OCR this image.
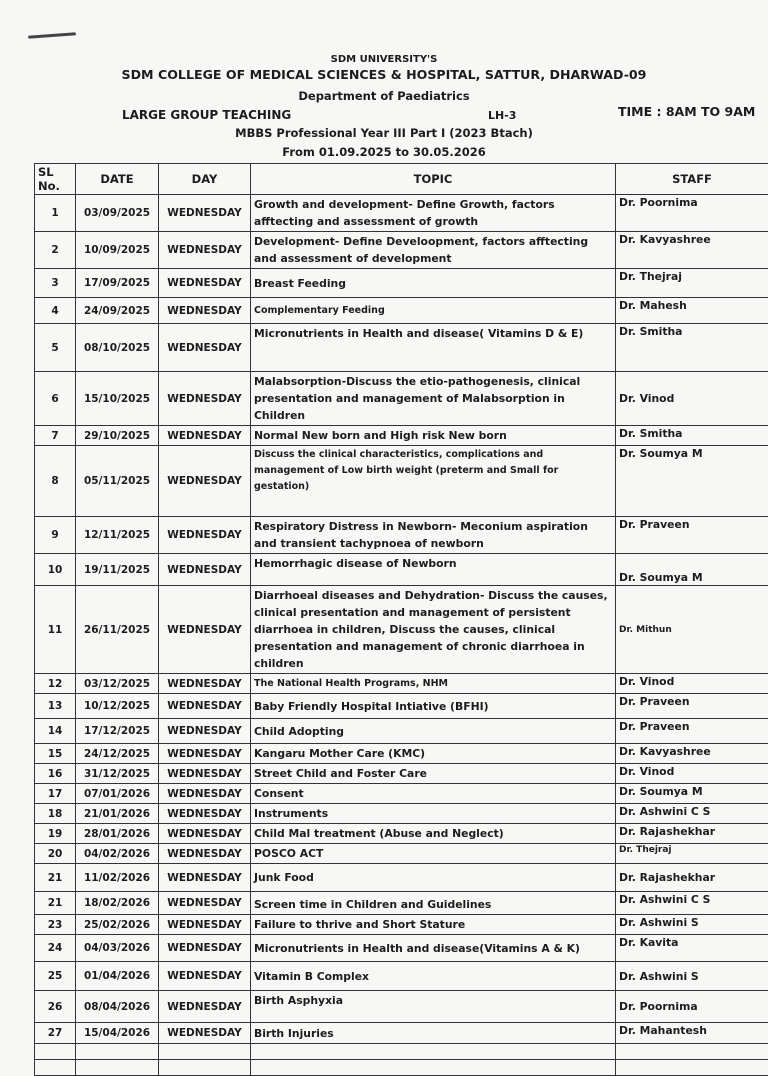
SDM UNIVERSITY'S
SDM COLLEGE OF MEDICAL SCIENCES & HOSPITAL, SATTUR, DHARWAD-09
Department of Paediatrics
LARGE GROUP TEACHING	LH-3	TIME : 8AM TO 9AM
MBBS Professional Year III Part I (2023 Btach)
From 01.09.2025 to 30.05.2026
SL No.	DATE	DAY	TOPIC	STAFF
1	03/09/2025	WEDNESDAY	Growth and development- Define Growth, factors afftecting and assessment of growth	Dr. Poornima
2	10/09/2025	WEDNESDAY	Development- Define Develoopment, factors afftecting and assessment of development	Dr. Kavyashree
3	17/09/2025	WEDNESDAY	Breast Feeding	Dr. Thejraj
4	24/09/2025	WEDNESDAY	Complementary Feeding	Dr. Mahesh
5	08/10/2025	WEDNESDAY	Micronutrients in Health and disease( Vitamins D & E)	Dr. Smitha
6	15/10/2025	WEDNESDAY	Malabsorption-Discuss the etio-pathogenesis, clinical presentation and management of Malabsorption in Children	Dr. Vinod
7	29/10/2025	WEDNESDAY	Normal New born and High risk New born	Dr. Smitha
8	05/11/2025	WEDNESDAY	Discuss the clinical characteristics, complications and management of Low birth weight (preterm and Small for gestation)	Dr. Soumya M
9	12/11/2025	WEDNESDAY	Respiratory Distress in Newborn- Meconium aspiration and transient tachypnoea of newborn	Dr. Praveen
10	19/11/2025	WEDNESDAY	Hemorrhagic disease of Newborn	Dr. Soumya M
11	26/11/2025	WEDNESDAY	Diarrhoeal diseases and Dehydration- Discuss the causes, clinical presentation and management of persistent diarrhoea in children, Discuss the causes, clinical presentation and management of chronic diarrhoea in children	Dr. Mithun
12	03/12/2025	WEDNESDAY	The National Health Programs, NHM	Dr. Vinod
13	10/12/2025	WEDNESDAY	Baby Friendly Hospital Intiative (BFHI)	Dr. Praveen
14	17/12/2025	WEDNESDAY	Child Adopting	Dr. Praveen
15	24/12/2025	WEDNESDAY	Kangaru Mother Care (KMC)	Dr. Kavyashree
16	31/12/2025	WEDNESDAY	Street Child and Foster Care	Dr. Vinod
17	07/01/2026	WEDNESDAY	Consent	Dr. Soumya M
18	21/01/2026	WEDNESDAY	Instruments	Dr. Ashwini C S
19	28/01/2026	WEDNESDAY	Child Mal treatment (Abuse and Neglect)	Dr. Rajashekhar
20	04/02/2026	WEDNESDAY	POSCO ACT	Dr. Thejraj
21	11/02/2026	WEDNESDAY	Junk Food	Dr. Rajashekhar
21	18/02/2026	WEDNESDAY	Screen time in Children and Guidelines	Dr. Ashwini C S
23	25/02/2026	WEDNESDAY	Failure to thrive and Short Stature	Dr. Ashwini S
24	04/03/2026	WEDNESDAY	Micronutrients in Health and disease(Vitamins A & K)	Dr. Kavita
25	01/04/2026	WEDNESDAY	Vitamin B Complex	Dr. Ashwini S
26	08/04/2026	WEDNESDAY	Birth Asphyxia	Dr. Poornima
27	15/04/2026	WEDNESDAY	Birth Injuries	Dr. Mahantesh
